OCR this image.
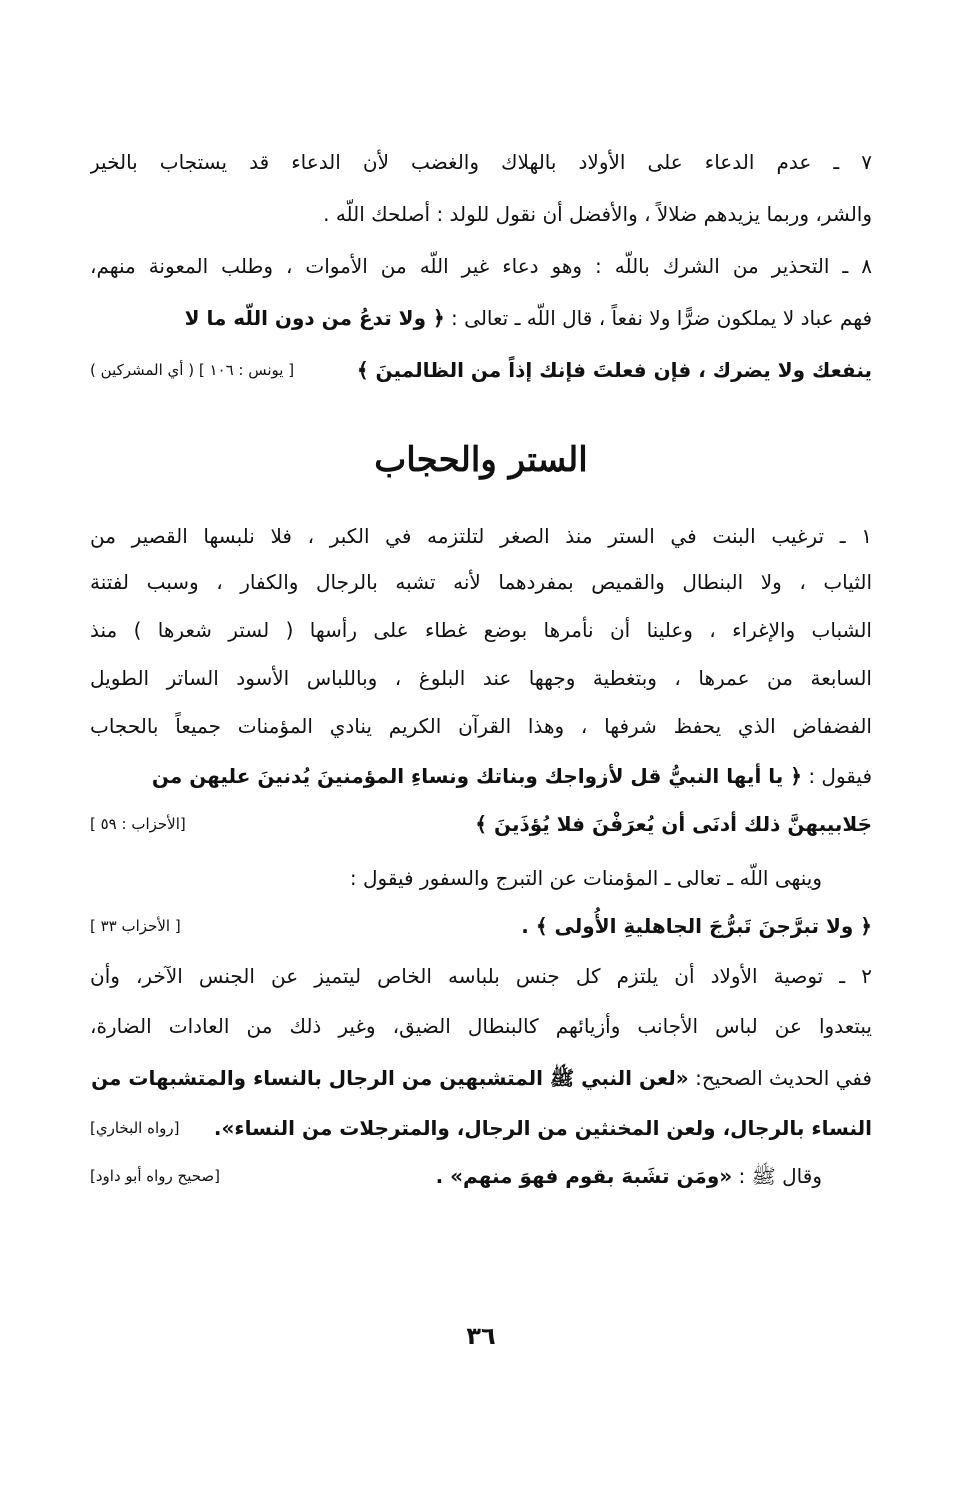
٧ ـ عدم الدعاء على الأولاد بالهلاك والغضب لأن الدعاء قد يستجاب بالخير
والشر، وربما يزيدهم ضلالاً ، والأفضل أن نقول للولد : أصلحك اللّه .
٨ ـ التحذير من الشرك باللّه : وهو دعاء غير اللّه من الأموات ، وطلب المعونة منهم،
فهم عباد لا يملكون ضرًّا ولا نفعاً ، قال اللّه ـ تعالى : ﴿ ولا تدعُ من دون اللّه ما لا
ينفعك ولا يضرك ، فإن فعلتَ فإنك إذاً من الظالمينَ ﴾
[ يونس : ١٠٦ ] ( أي المشركين )
الستر والحجاب
١ ـ ترغيب البنت في الستر منذ الصغر لتلتزمه في الكبر ، فلا نلبسها القصير من
الثياب ، ولا البنطال والقميص بمفردهما لأنه تشبه بالرجال والكفار ، وسبب لفتنة
الشباب والإغراء ، وعلينا أن نأمرها بوضع غطاء على رأسها ( لستر شعرها ) منذ
السابعة من عمرها ، وبتغطية وجهها عند البلوغ ، وباللباس الأسود الساتر الطويل
الفضفاض الذي يحفظ شرفها ، وهذا القرآن الكريم ينادي المؤمنات جميعاً بالحجاب
فيقول : ﴿ يا أيها النبيُّ قل لأزواجك وبناتك ونساءِ المؤمنينَ يُدنينَ عليهن من
جَلابيبهنَّ ذلك أدنَى أن يُعرَفْنَ فلا يُؤذَينَ ﴾
[الأحزاب : ٥٩ ]
وينهى اللّه ـ تعالى ـ المؤمنات عن التبرج والسفور فيقول :
﴿ ولا تبرَّجنَ تَبرُّجَ الجاهليةِ الأُولى ﴾ .
[ الأحزاب ٣٣ ]
٢ ـ توصية الأولاد أن يلتزم كل جنس بلباسه الخاص ليتميز عن الجنس الآخر، وأن
يبتعدوا عن لباس الأجانب وأزيائهم كالبنطال الضيق، وغير ذلك من العادات الضارة،
ففي الحديث الصحيح: «لعن النبي ﷺ المتشبهين من الرجال بالنساء والمتشبهات من
النساء بالرجال، ولعن المخنثين من الرجال، والمترجلات من النساء».
[رواه البخاري]
وقال ﷺ : «ومَن تشَبهَ بقوم فهوَ منهم» .
[صحيح رواه أبو داود]
٣٦
